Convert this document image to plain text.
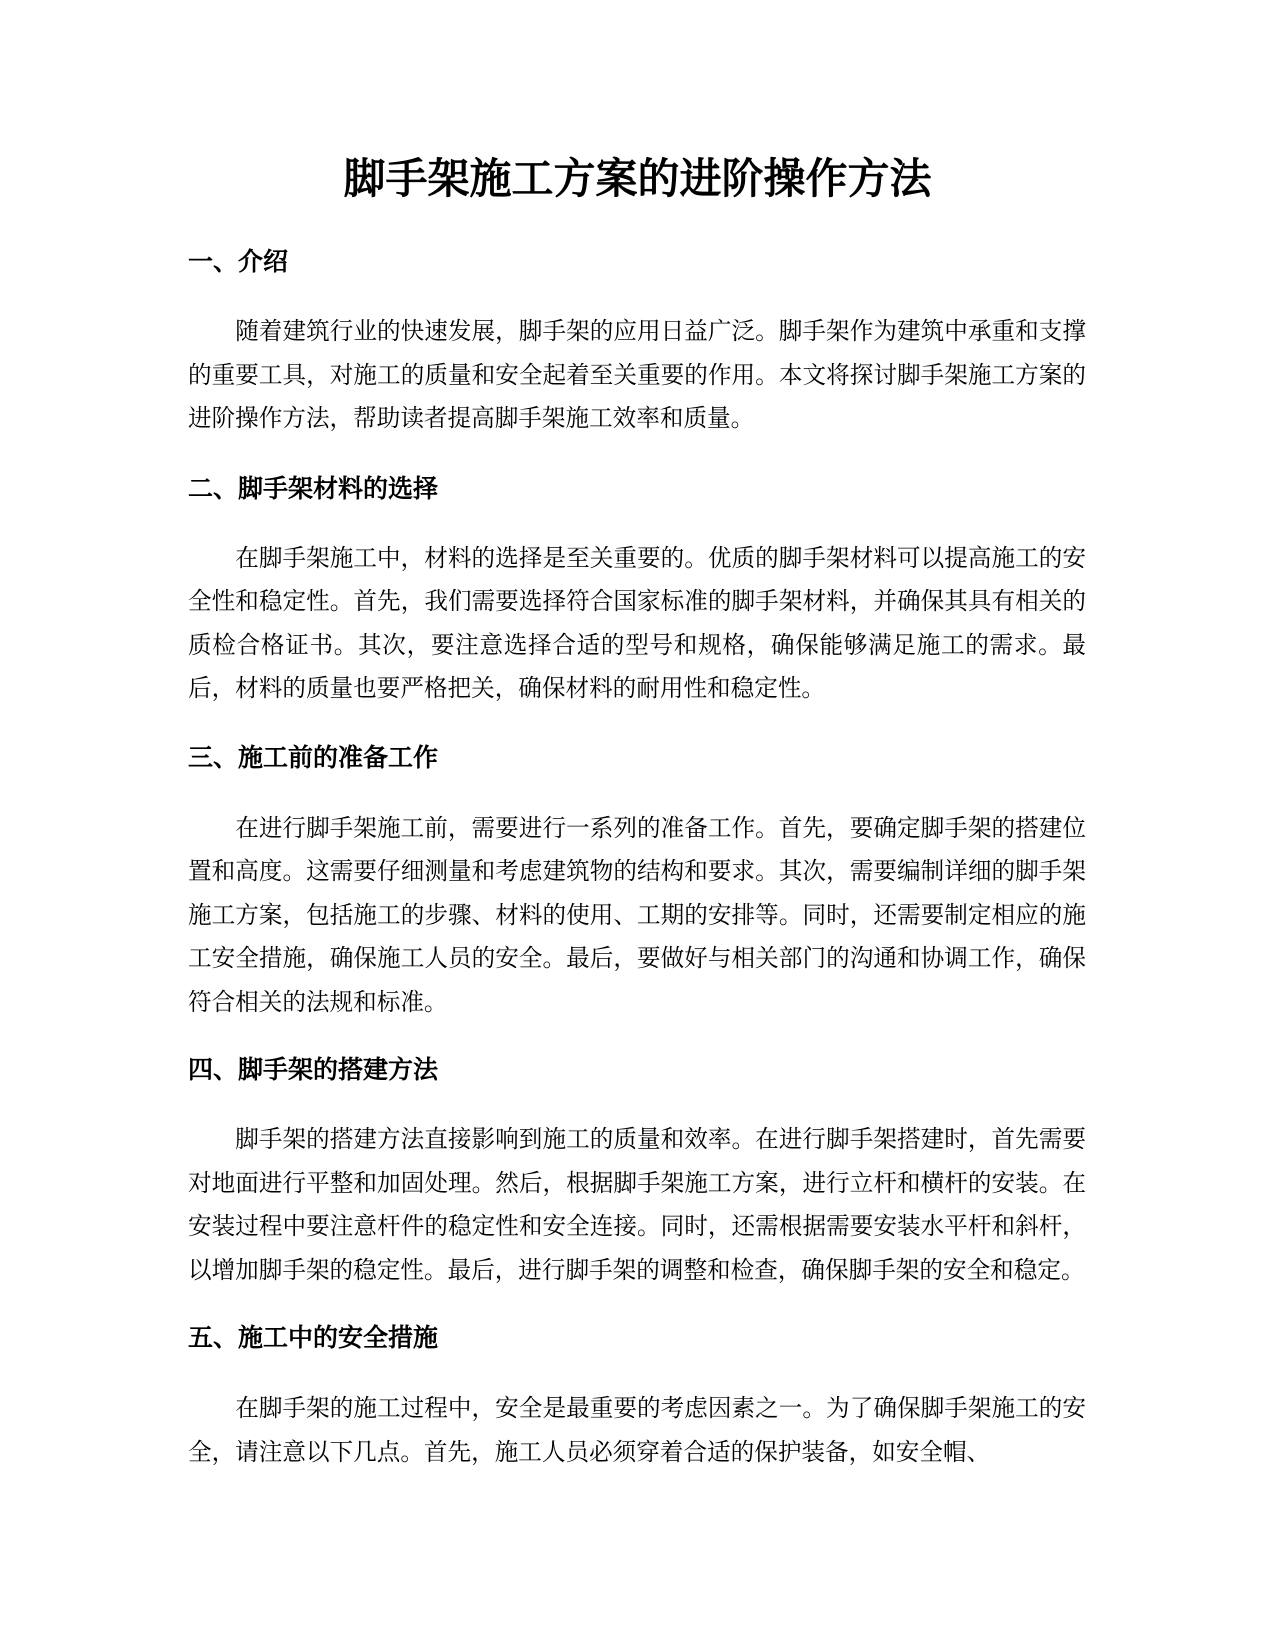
脚手架施工方案的进阶操作方法
一、介绍

随着建筑行业的快速发展，脚手架的应用日益广泛。脚手架作为建筑中承重和支撑的重要工具，对施工的质量和安全起着至关重要的作用。本文将探讨脚手架施工方案的进阶操作方法，帮助读者提高脚手架施工效率和质量。

二、脚手架材料的选择

在脚手架施工中，材料的选择是至关重要的。优质的脚手架材料可以提高施工的安全性和稳定性。首先，我们需要选择符合国家标准的脚手架材料，并确保其具有相关的质检合格证书。其次，要注意选择合适的型号和规格，确保能够满足施工的需求。最后，材料的质量也要严格把关，确保材料的耐用性和稳定性。

三、施工前的准备工作

在进行脚手架施工前，需要进行一系列的准备工作。首先，要确定脚手架的搭建位置和高度。这需要仔细测量和考虑建筑物的结构和要求。其次，需要编制详细的脚手架施工方案，包括施工的步骤、材料的使用、工期的安排等。同时，还需要制定相应的施工安全措施，确保施工人员的安全。最后，要做好与相关部门的沟通和协调工作，确保符合相关的法规和标准。

四、脚手架的搭建方法

脚手架的搭建方法直接影响到施工的质量和效率。在进行脚手架搭建时，首先需要对地面进行平整和加固处理。然后，根据脚手架施工方案，进行立杆和横杆的安装。在安装过程中要注意杆件的稳定性和安全连接。同时，还需根据需要安装水平杆和斜杆，以增加脚手架的稳定性。最后，进行脚手架的调整和检查，确保脚手架的安全和稳定。

五、施工中的安全措施

在脚手架的施工过程中，安全是最重要的考虑因素之一。为了确保脚手架施工的安全，请注意以下几点。首先，施工人员必须穿着合适的保护装备，如安全帽、
